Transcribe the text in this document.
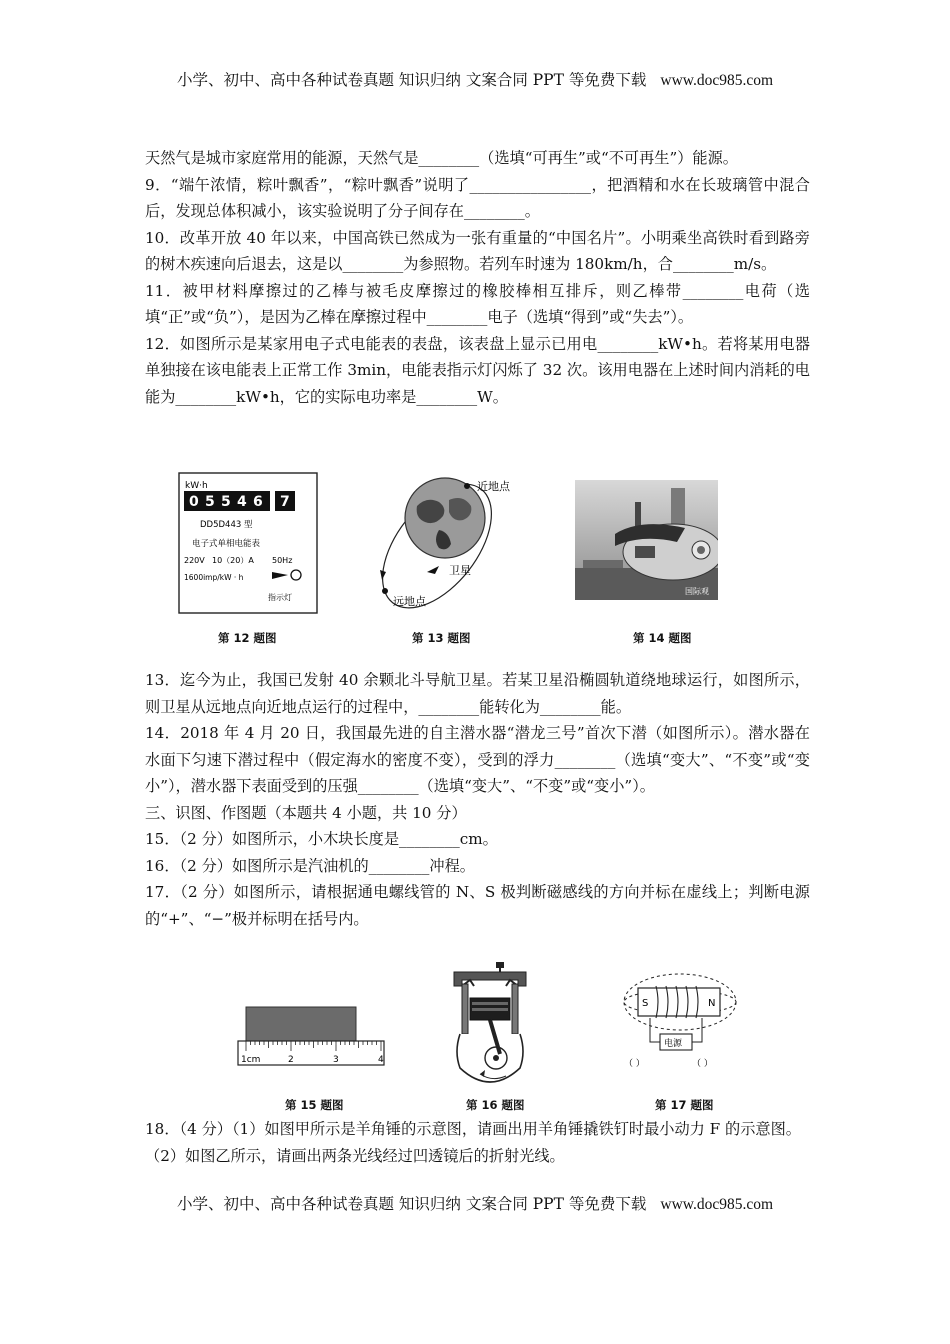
小学、初中、高中各种试卷真题 知识归纳 文案合同 PPT 等免费下载 www.doc985.com
天然气是城市家庭常用的能源，天然气是________（选填“可再生”或“不可再生”）能源。
9．“端午浓情，粽叶飘香”，“粽叶飘香”说明了________________，把酒精和水在长玻璃管中混合后，发现总体积减小，该实验说明了分子间存在________。
10．改革开放 40 年以来，中国高铁已然成为一张有重量的“中国名片”。小明乘坐高铁时看到路旁的树木疾速向后退去，这是以________为参照物。若列车时速为 180km/h，合________m/s。
11．被甲材料摩擦过的乙棒与被毛皮摩擦过的橡胶棒相互排斥，则乙棒带________电荷（选填“正”或“负”），是因为乙棒在摩擦过程中________电子（选填“得到”或“失去”）。
12．如图所示是某家用电子式电能表的表盘，该表盘上显示已用电________kW•h。若将某用电器单独接在该电能表上正常工作 3min，电能表指示灯闪烁了 32 次。该用电器在上述时间内消耗的电能为________kW•h，它的实际电功率是________W。
kW·h
0 5 5 4 6 7
DD5D443 型
电子式单相电能表
220V 10（20）A 50Hz
1600imp/kW · h
指示灯
近地点
远地点
卫星
国际观
第 12 题图	第 13 题图	第 14 题图
13．迄今为止，我国已发射 40 余颗北斗导航卫星。若某卫星沿椭圆轨道绕地球运行，如图所示，则卫星从远地点向近地点运行的过程中，________能转化为________能。
14．2018 年 4 月 20 日，我国最先进的自主潜水器“潜龙三号”首次下潜（如图所示）。潜水器在水面下匀速下潜过程中（假定海水的密度不变），受到的浮力________（选填“变大”、“不变”或“变小”），潜水器下表面受到的压强________（选填“变大”、“不变”或“变小”）。
三、识图、作图题（本题共 4 小题，共 10 分）
15．（2 分）如图所示，小木块长度是________cm。
16．（2 分）如图所示是汽油机的________冲程。
17．（2 分）如图所示，请根据通电螺线管的 N、S 极判断磁感线的方向并标在虚线上；判断电源的“+”、“−”极并标明在括号内。
1cm	2	3	4
S	N
电源
（ ）	（ ）
第 15 题图	第 16 题图	第 17 题图
18．（4 分）（1）如图甲所示是羊角锤的示意图，请画出用羊角锤撬铁钉时最小动力 F 的示意图。
（2）如图乙所示，请画出两条光线经过凹透镜后的折射光线。
小学、初中、高中各种试卷真题 知识归纳 文案合同 PPT 等免费下载 www.doc985.com
